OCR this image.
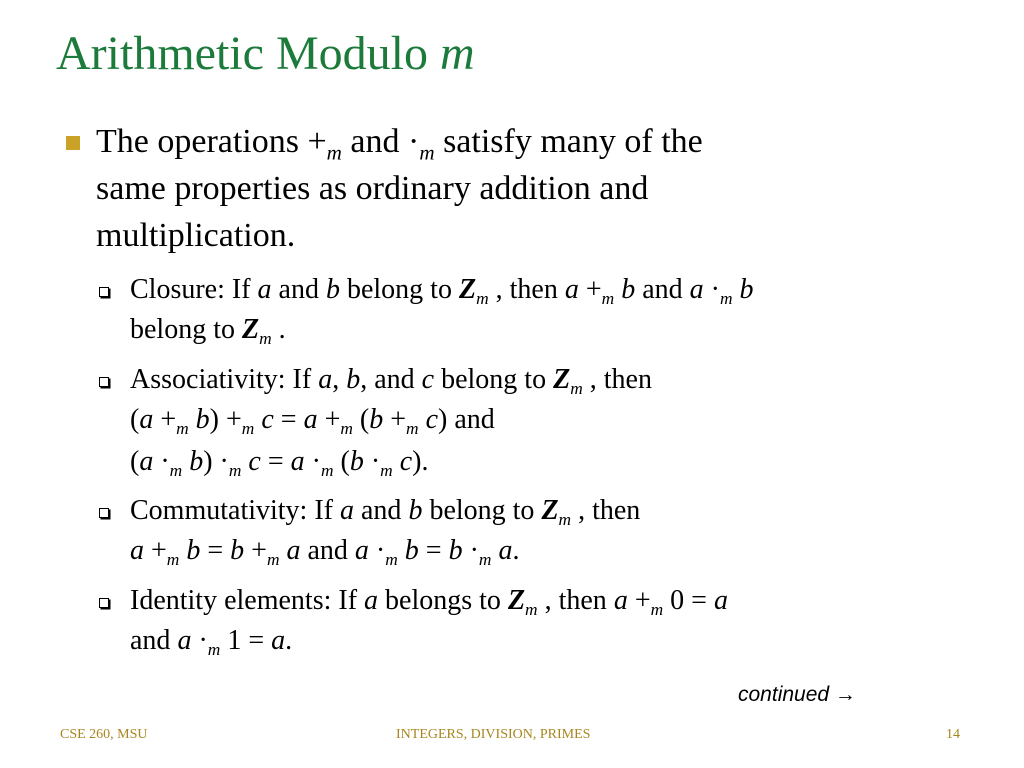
Arithmetic Modulo m
The operations $+_m$ and $\cdot_m$ satisfy many of the
same properties as ordinary addition and
multiplication.
Closure: If a and b belong to $Z_m$ , then $a +_m$ b and $a \cdot_m$ b
belong to $Z_m$ .
Associativity: If a, b, and c belong to $Z_m$ , then
($a +_m$ $b) +_m$ $c = a +_m$ ($b +_m$ c) and
($a \cdot_m$ $b) \cdot_m$ $c = a \cdot_m$ ($b \cdot_m$ c).
Commutativity: If a and b belong to $Z_m$ , then
$a +_m$ $b = b +_m$ a and $a \cdot_m$ $b = b \cdot_m$ a.
Identity elements: If a belongs to $Z_m$ , then $a +_m$ 0 = a
and $a \cdot_m$ 1 = a.
continued →
CSE 260, MSU	INTEGERS, DIVISION, PRIMES	14
